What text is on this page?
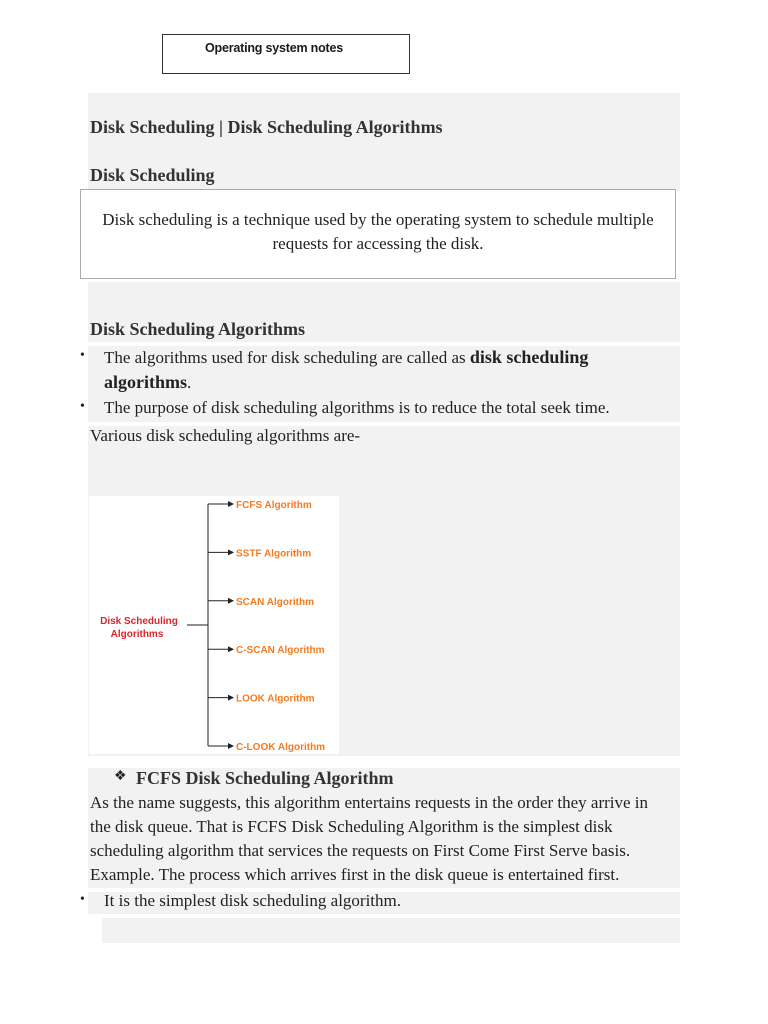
Operating system notes
Disk Scheduling | Disk Scheduling Algorithms
Disk Scheduling
Disk scheduling is a technique used by the operating system to schedule multiple requests for accessing the disk.
Disk Scheduling Algorithms
• The algorithms used for disk scheduling are called as disk scheduling
algorithms.
• The purpose of disk scheduling algorithms is to reduce the total seek time.
Various disk scheduling algorithms are-
FCFS Algorithm
SSTF Algorithm
SCAN Algorithm
C-SCAN Algorithm
LOOK Algorithm
C-LOOK Algorithm
Disk Scheduling
Algorithms
❖ FCFS Disk Scheduling Algorithm
As the name suggests, this algorithm entertains requests in the order they arrive in
the disk queue. That is FCFS Disk Scheduling Algorithm is the simplest disk
scheduling algorithm that services the requests on First Come First Serve basis.
Example. The process which arrives first in the disk queue is entertained first.
• It is the simplest disk scheduling algorithm.
